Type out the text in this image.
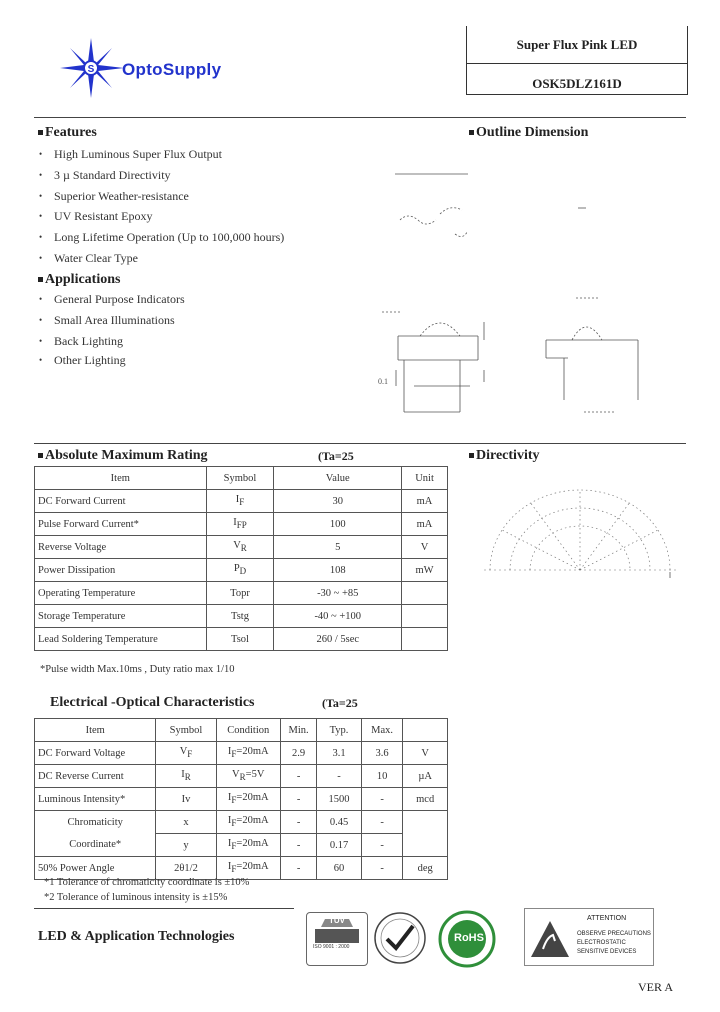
S OptoSupply
Super Flux Pink LED
OSK5DLZ161D
Features
• High Luminous Super Flux Output
• 3 µ Standard Directivity
• Superior Weather-resistance
• UV Resistant Epoxy
• Long Lifetime Operation (Up to 100,000 hours)
• Water Clear Type
Applications
• General Purpose Indicators
• Small Area Illuminations
• Back Lighting
• Other Lighting
Outline Dimension
0.1
Absolute Maximum Rating	(Ta=25
Item	Symbol	Value	Unit
DC Forward Current	$I_F$	30	mA
Pulse Forward Current*	$I_{FP}$	100	mA
Reverse Voltage	$V_R$	5	V
Power Dissipation	$P_D$	108	mW
Operating Temperature	Topr	-30 ~ +85	
Storage Temperature	Tstg	-40 ~ +100	
Lead Soldering Temperature	Tsol	260 / 5sec	
*Pulse width Max.10ms , Duty ratio max 1/10
Directivity
Electrical -Optical Characteristics	(Ta=25
Item	Symbol	Condition	Min.	Typ.	Max.	
DC Forward Voltage	$V_F$	$I_F=20mA$	2.9	3.1	3.6	V
DC Reverse Current	$I_R$	$V_R=5V$	-	-	10	µA
Luminous Intensity*	Iv	$I_F=20mA$	-	1500	-	mcd
Chromaticity	x	$I_F=20mA$	-	0.45	-	
Coordinate*	y	$I_F=20mA$	-	0.17	-	
50% Power Angle	2θ1/2	$I_F=20mA$	-	60	-	deg
*1 Tolerance of chromaticity coordinate is ±10%
*2 Tolerance of luminous intensity is ±15%
LED & Application Technologies
TÜV
ISO 9001 : 2000
RoHS
ATTENTION
OBSERVE PRECAUTIONS
ELECTROSTATIC
SENSITIVE DEVICES
VER A
